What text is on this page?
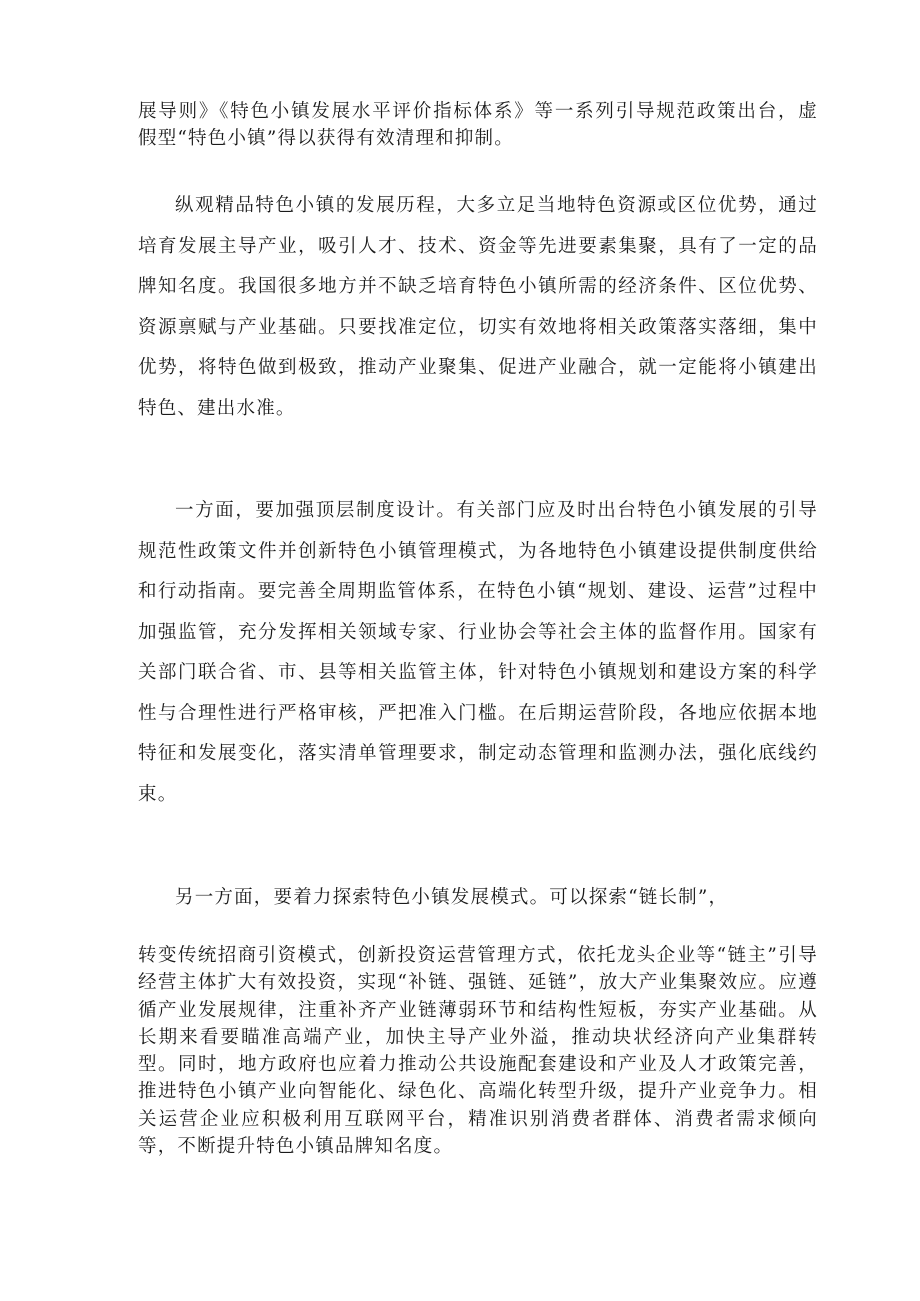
展导则》《特色小镇发展水平评价指标体系》等一系列引导规范政策出台，虚假型“特色小镇”得以获得有效清理和抑制。

纵观精品特色小镇的发展历程，大多立足当地特色资源或区位优势，通过培育发展主导产业，吸引人才、技术、资金等先进要素集聚，具有了一定的品牌知名度。我国很多地方并不缺乏培育特色小镇所需的经济条件、区位优势、资源禀赋与产业基础。只要找准定位，切实有效地将相关政策落实落细，集中优势，将特色做到极致，推动产业聚集、促进产业融合，就一定能将小镇建出特色、建出水准。

一方面，要加强顶层制度设计。有关部门应及时出台特色小镇发展的引导规范性政策文件并创新特色小镇管理模式，为各地特色小镇建设提供制度供给和行动指南。要完善全周期监管体系，在特色小镇“规划、建设、运营”过程中加强监管，充分发挥相关领域专家、行业协会等社会主体的监督作用。国家有关部门联合省、市、县等相关监管主体，针对特色小镇规划和建设方案的科学性与合理性进行严格审核，严把准入门槛。在后期运营阶段，各地应依据本地特征和发展变化，落实清单管理要求，制定动态管理和监测办法，强化底线约束。

另一方面，要着力探索特色小镇发展模式。可以探索“链长制”，

转变传统招商引资模式，创新投资运营管理方式，依托龙头企业等“链主”引导经营主体扩大有效投资，实现“补链、强链、延链”，放大产业集聚效应。应遵循产业发展规律，注重补齐产业链薄弱环节和结构性短板，夯实产业基础。从长期来看要瞄准高端产业，加快主导产业外溢，推动块状经济向产业集群转型。同时，地方政府也应着力推动公共设施配套建设和产业及人才政策完善，推进特色小镇产业向智能化、绿色化、高端化转型升级，提升产业竞争力。相关运营企业应积极利用互联网平台，精准识别消费者群体、消费者需求倾向等，不断提升特色小镇品牌知名度。
